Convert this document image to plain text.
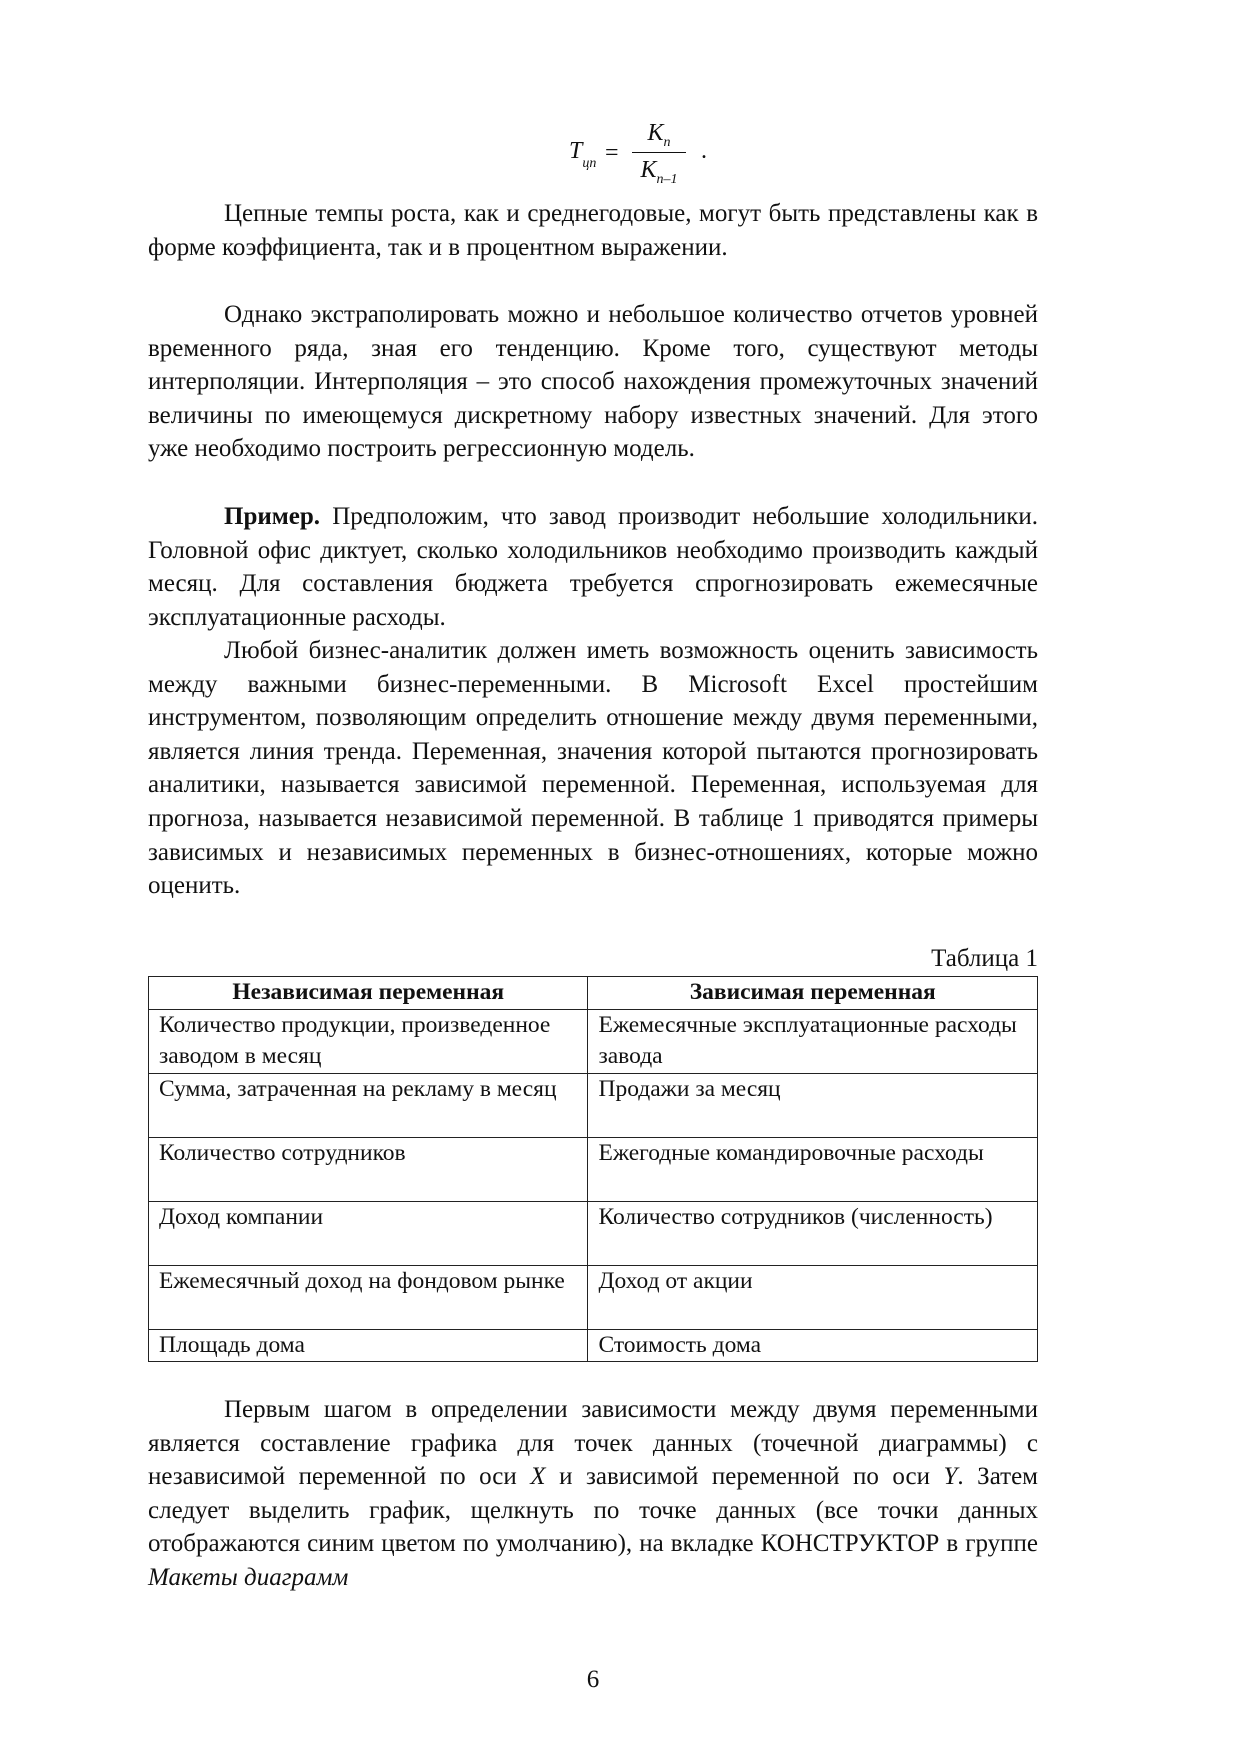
$T_{цп}$ =
$K_n$
$K_{n-1}$
.

Цепные темпы роста, как и среднегодовые, могут быть представлены как в форме коэффициента, так и в процентном выражении.

Однако экстраполировать можно и небольшое количество отчетов уровней временного ряда, зная его тенденцию. Кроме того, существуют методы интерполяции. Интерполяция – это способ нахождения промежуточных значений величины по имеющемуся дискретному набору известных значений. Для этого уже необходимо построить регрессионную модель.

Пример. Предположим, что завод производит небольшие холодильники. Головной офис диктует, сколько холодильников необходимо производить каждый месяц. Для составления бюджета требуется спрогнозировать ежемесячные эксплуатационные расходы.

Любой бизнес-аналитик должен иметь возможность оценить зависимость между важными бизнес-переменными. В Microsoft Excel простейшим инструментом, позволяющим определить отношение между двумя переменными, является линия тренда. Переменная, значения которой пытаются прогнозировать аналитики, называется зависимой переменной. Переменная, используемая для прогноза, называется независимой переменной. В таблице 1 приводятся примеры зависимых и независимых переменных в бизнес-отношениях, которые можно оценить.

Таблица 1
Независимая переменная	Зависимая переменная
Количество продукции, произведенное заводом в месяц	Ежемесячные эксплуатационные расходы завода
Сумма, затраченная на рекламу в месяц	Продажи за месяц
Количество сотрудников	Ежегодные командировочные расходы
Доход компании	Количество сотрудников (численность)
Ежемесячный доход на фондовом рынке	Доход от акции
Площадь дома	Стоимость дома

Первым шагом в определении зависимости между двумя переменными является составление графика для точек данных (точечной диаграммы) с независимой переменной по оси X и зависимой переменной по оси Y. Затем следует выделить график, щелкнуть по точке данных (все точки данных отображаются синим цветом по умолчанию), на вкладке КОНСТРУКТОР в группе Макеты диаграмм

6
